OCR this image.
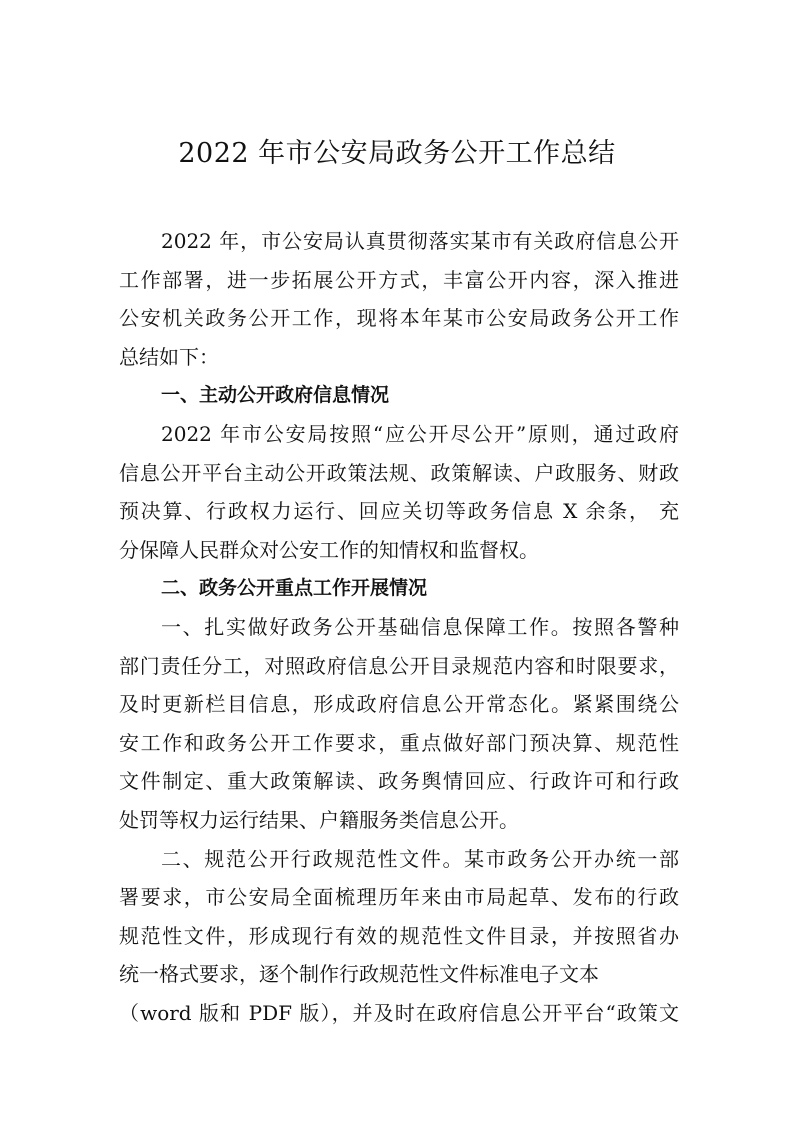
2022 年市公安局政务公开工作总结
2022 年，市公安局认真贯彻落实某市有关政府信息公开
工作部署，进一步拓展公开方式，丰富公开内容，深入推进
公安机关政务公开工作，现将本年某市公安局政务公开工作
总结如下：
一、主动公开政府信息情况
2022 年市公安局按照“应公开尽公开”原则，通过政府
信息公开平台主动公开政策法规、政策解读、户政服务、财政
预决算、行政权力运行、回应关切等政务信息 X 余条， 充
分保障人民群众对公安工作的知情权和监督权。
二、政务公开重点工作开展情况
一、扎实做好政务公开基础信息保障工作。按照各警种
部门责任分工，对照政府信息公开目录规范内容和时限要求，
及时更新栏目信息，形成政府信息公开常态化。紧紧围绕公
安工作和政务公开工作要求，重点做好部门预决算、规范性
文件制定、重大政策解读、政务舆情回应、行政许可和行政
处罚等权力运行结果、户籍服务类信息公开。
二、规范公开行政规范性文件。某市政务公开办统一部
署要求，市公安局全面梳理历年来由市局起草、发布的行政
规范性文件，形成现行有效的规范性文件目录，并按照省办
统一格式要求，逐个制作行政规范性文件标准电子文本
（word 版和 PDF 版），并及时在政府信息公开平台“政策文
